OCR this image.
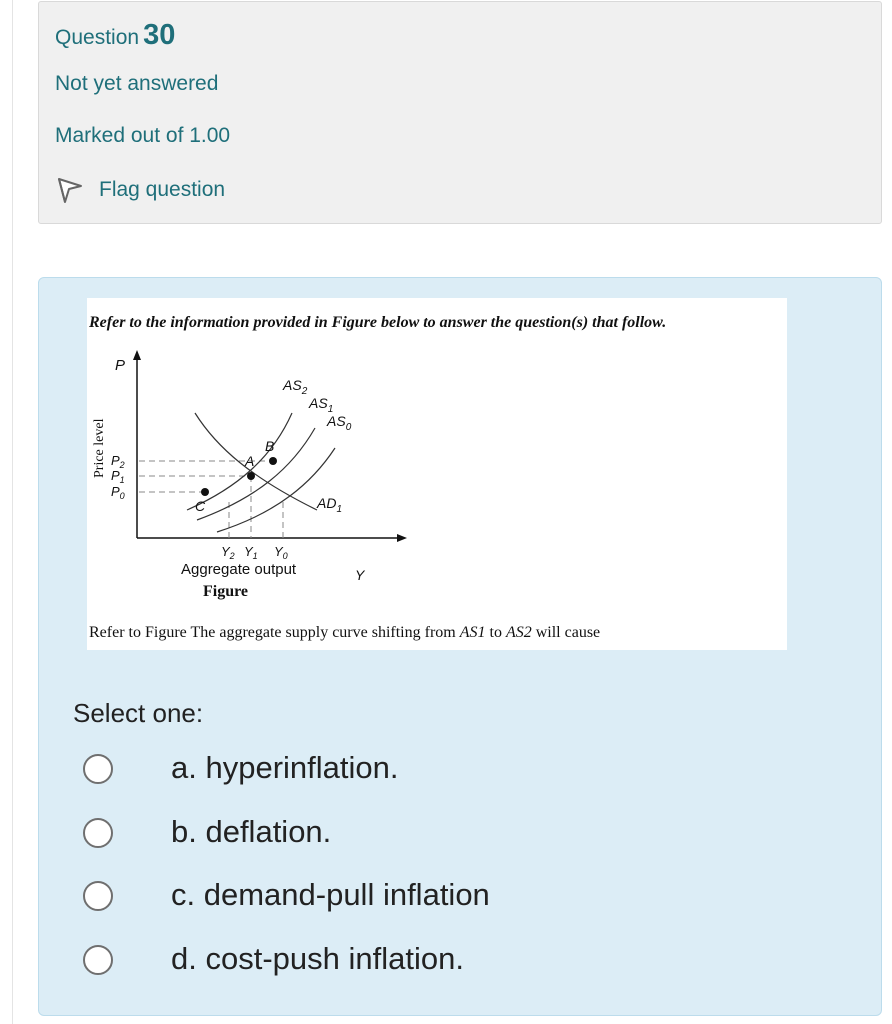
Question 30
Not yet answered
Marked out of 1.00
Flag question
Refer to the information provided in Figure below to answer the question(s) that follow.
P
Y
Price level	A
B
C
$AS_2$
$AS_1$
$AS_0$
$AD_1$
$P_2$
$P_1$
$P_0$
$Y_2$ $Y_1$ $Y_0$
Aggregate output
Figure
Refer to Figure The aggregate supply curve shifting from AS1 to AS2 will cause
Select one:
a. hyperinflation.
b. deflation.
c. demand-pull inflation
d. cost-push inflation.
